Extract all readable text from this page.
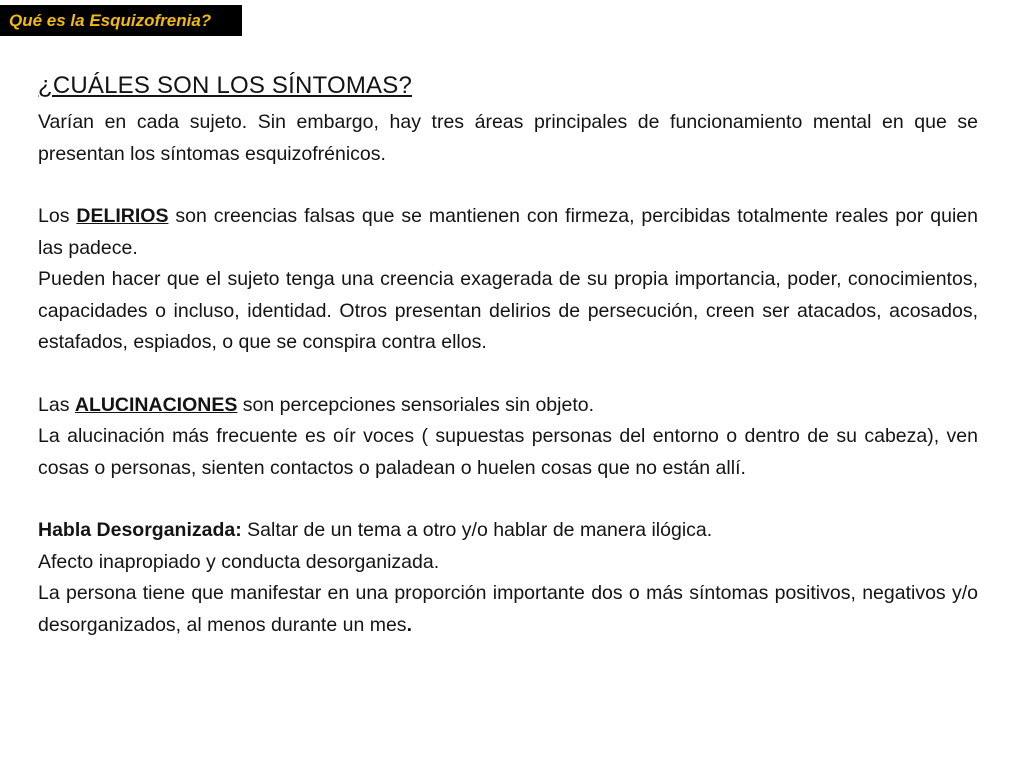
Qué es la Esquizofrenia?
¿CUÁLES SON LOS SÍNTOMAS?

Varían en cada sujeto. Sin embargo, hay tres áreas principales de funcionamiento mental en que se presentan los síntomas esquizofrénicos.

Los DELIRIOS son creencias falsas que se mantienen con firmeza, percibidas totalmente reales por quien las padece.

Pueden hacer que el sujeto tenga una creencia exagerada de su propia importancia, poder, conocimientos, capacidades o incluso, identidad. Otros presentan delirios de persecución, creen ser atacados, acosados, estafados, espiados, o que se conspira contra ellos.

Las ALUCINACIONES son percepciones sensoriales sin objeto.

La alucinación más frecuente es oír voces ( supuestas personas del entorno o dentro de su cabeza), ven cosas o personas, sienten contactos o paladean o huelen cosas que no están allí.

Habla Desorganizada: Saltar de un tema a otro y/o hablar de manera ilógica.

Afecto inapropiado y conducta desorganizada.

La persona tiene que manifestar en una proporción importante dos o más síntomas positivos, negativos y/o desorganizados, al menos durante un mes.
